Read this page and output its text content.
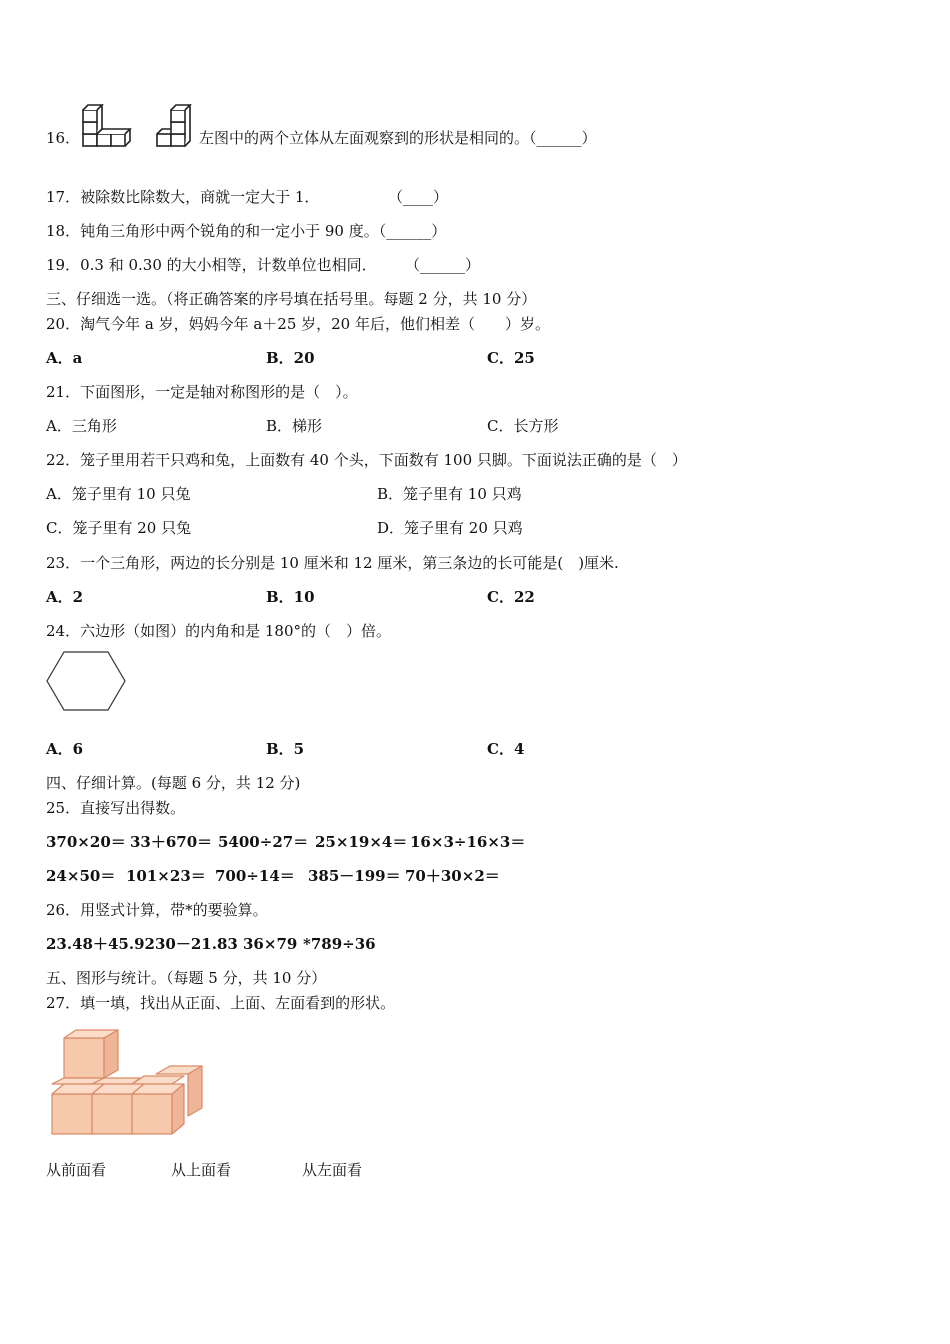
16．	左图中的两个立体从左面观察到的形状是相同的。（______）
17．被除数比除数大，商就一定大于 1．	（____）
18．钝角三角形中两个锐角的和一定小于 90 度。（______）
19．0.3 和 0.30 的大小相等，计数单位也相同． （______）
三、仔细选一选。（将正确答案的序号填在括号里。每题 2 分，共 10 分）
20．淘气今年 a 岁，妈妈今年 a＋25 岁，20 年后，他们相差（　　）岁。
A．a	B．20	C．25
21．下面图形，一定是轴对称图形的是（　）。
A．三角形	B．梯形	C．长方形
22．笼子里用若干只鸡和兔，上面数有 40 个头，下面数有 100 只脚。下面说法正确的是（　）
A．笼子里有 10 只兔	B．笼子里有 10 只鸡
C．笼子里有 20 只兔	D．笼子里有 20 只鸡
23．一个三角形，两边的长分别是 10 厘米和 12 厘米，第三条边的长可能是(　)厘米.
A．2	B．10	C．22
24．六边形（如图）的内角和是 180°的（　）倍。
A．6	B．5	C．4
四、仔细计算。(每题 6 分，共 12 分)
25．直接写出得数。
370×20＝ 33＋670＝ 5400÷27＝ 25×19×4＝ 16×3÷16×3＝
24×50＝ 101×23＝ 700÷14＝ 385－199＝ 70＋30×2＝
26．用竖式计算，带*的要验算。
23.48＋45.92 30－21.83 36×79 *789÷36
五、图形与统计。（每题 5 分，共 10 分）
27．填一填，找出从正面、上面、左面看到的形状。
从前面看	从上面看	从左面看
